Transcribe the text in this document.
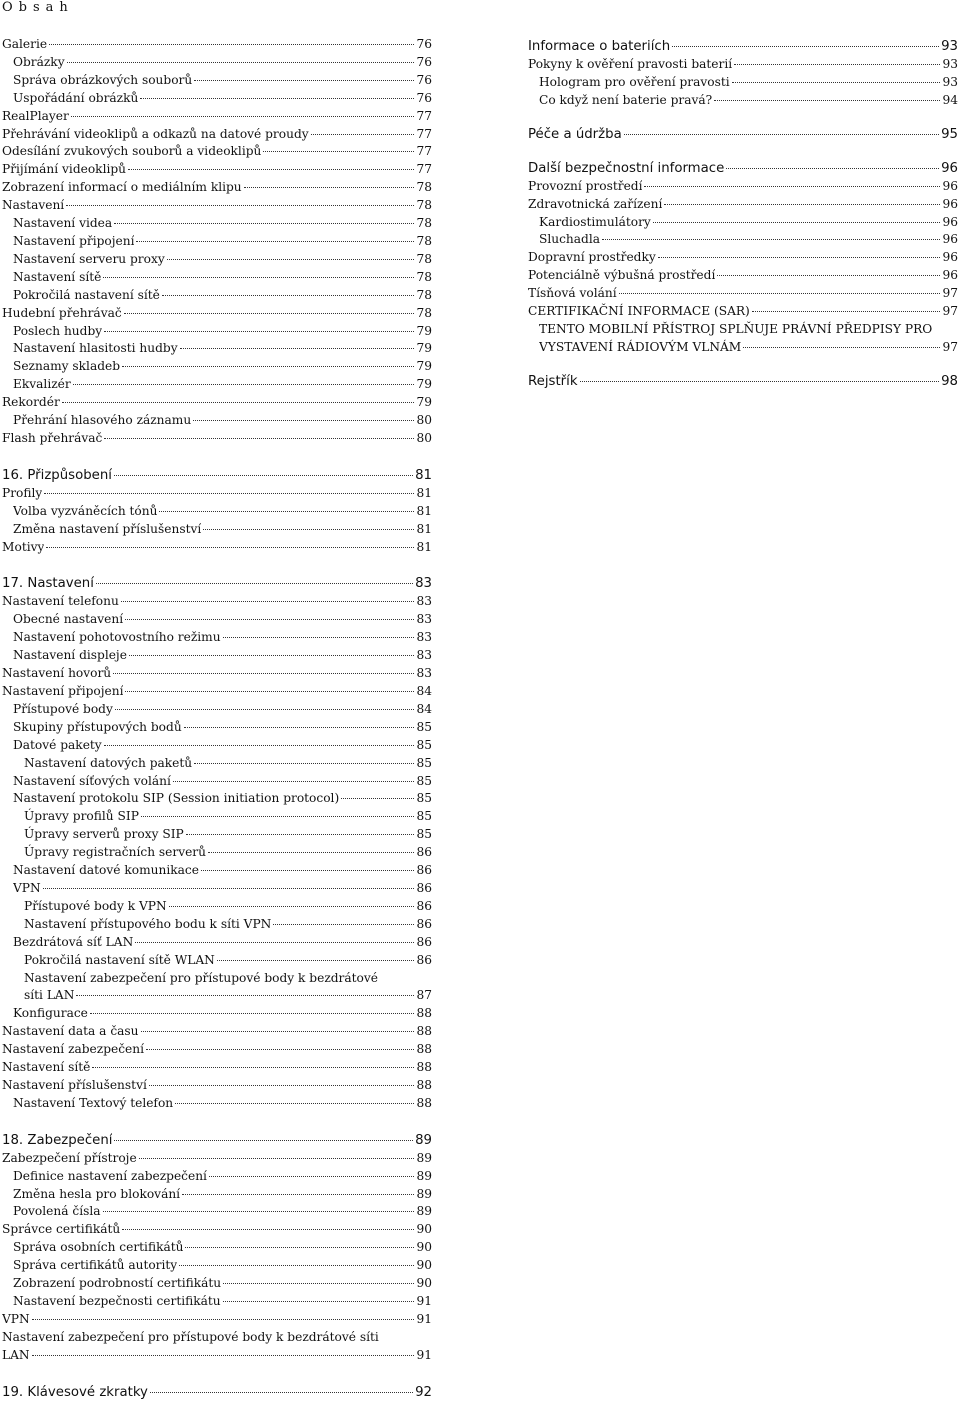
Obsah
Galerie	76
Obrázky	76
Správa obrázkových souborů	76
Uspořádání obrázků	76
RealPlayer	77
Přehrávání videoklipů a odkazů na datové proudy	77
Odesílání zvukových souborů a videoklipů	77
Přijímání videoklipů	77
Zobrazení informací o mediálním klipu	78
Nastavení	78
Nastavení videa	78
Nastavení připojení	78
Nastavení serveru proxy	78
Nastavení sítě	78
Pokročilá nastavení sítě	78
Hudební přehrávač	78
Poslech hudby	79
Nastavení hlasitosti hudby	79
Seznamy skladeb	79
Ekvalizér	79
Rekordér	79
Přehrání hlasového záznamu	80
Flash přehrávač	80
16. Přizpůsobení	81
Profily	81
Volba vyzváněcích tónů	81
Změna nastavení příslušenství	81
Motivy	81
17. Nastavení	83
Nastavení telefonu	83
Obecné nastavení	83
Nastavení pohotovostního režimu	83
Nastavení displeje	83
Nastavení hovorů	83
Nastavení připojení	84
Přístupové body	84
Skupiny přístupových bodů	85
Datové pakety	85
Nastavení datových paketů	85
Nastavení síťových volání	85
Nastavení protokolu SIP (Session initiation protocol)	85
Úpravy profilů SIP	85
Úpravy serverů proxy SIP	85
Úpravy registračních serverů	86
Nastavení datové komunikace	86
VPN	86
Přístupové body k VPN	86
Nastavení přístupového bodu k síti VPN	86
Bezdrátová síť LAN	86
Pokročilá nastavení sítě WLAN	86
Nastavení zabezpečení pro přístupové body k bezdrátové
síti LAN	87
Konfigurace	88
Nastavení data a času	88
Nastavení zabezpečení	88
Nastavení sítě	88
Nastavení příslušenství	88
Nastavení Textový telefon	88
18. Zabezpečení	89
Zabezpečení přístroje	89
Definice nastavení zabezpečení	89
Změna hesla pro blokování	89
Povolená čísla	89
Správce certifikátů	90
Správa osobních certifikátů	90
Správa certifikátů autority	90
Zobrazení podrobností certifikátu	90
Nastavení bezpečnosti certifikátu	91
VPN	91
Nastavení zabezpečení pro přístupové body k bezdrátové síti
LAN	91
19. Klávesové zkratky	92
Informace o bateriích	93
Pokyny k ověření pravosti baterií	93
Hologram pro ověření pravosti	93
Co když není baterie pravá?	94
Péče a údržba	95
Další bezpečnostní informace	96
Provozní prostředí	96
Zdravotnická zařízení	96
Kardiostimulátory	96
Sluchadla	96
Dopravní prostředky	96
Potenciálně výbušná prostředí	96
Tísňová volání	97
CERTIFIKAČNÍ INFORMACE (SAR)	97
TENTO MOBILNÍ PŘÍSTROJ SPLŇUJE PRÁVNÍ PŘEDPISY PRO
VYSTAVENÍ RÁDIOVÝM VLNÁM	97
Rejstřík	98
